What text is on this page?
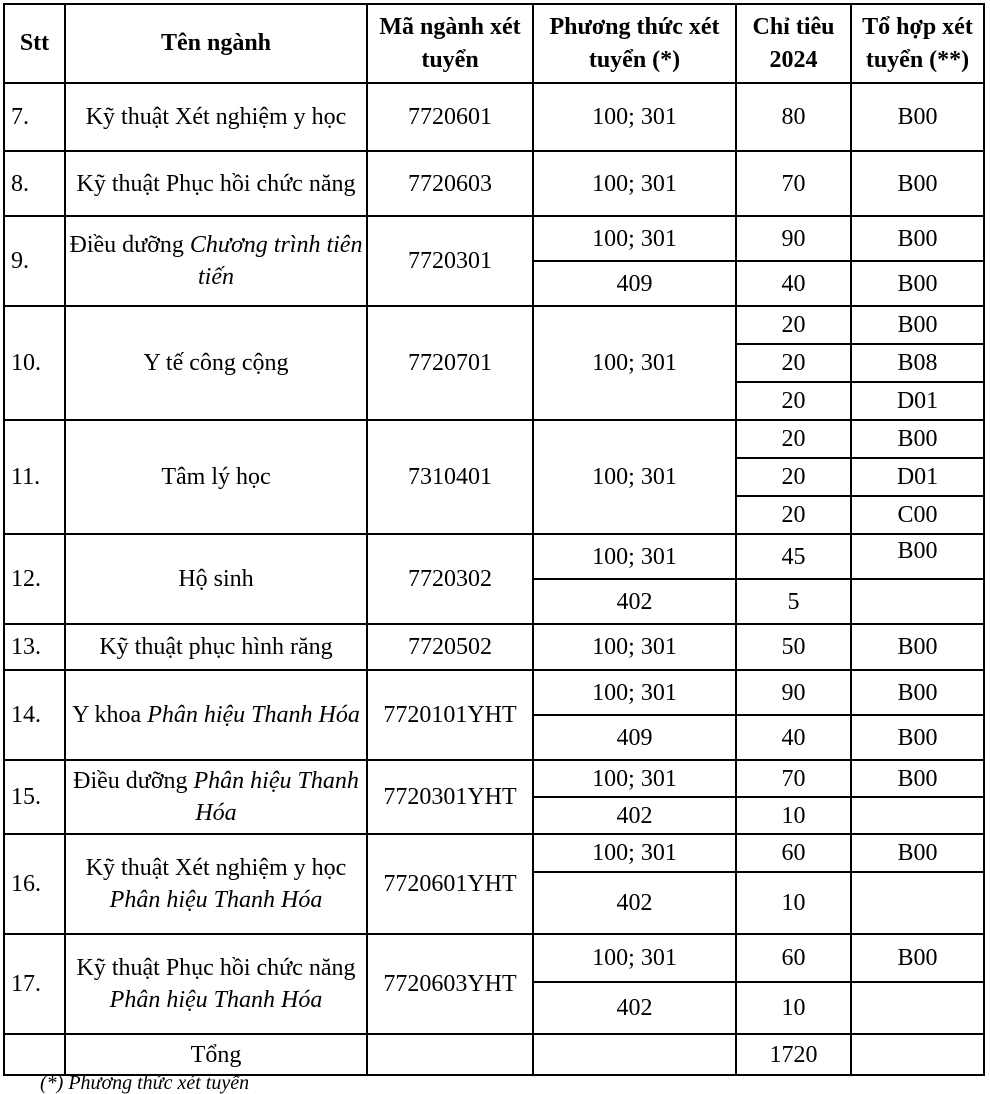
Stt	Tên ngành	Mã ngành xét tuyển	Phương thức xét tuyển (*)	Chỉ tiêu 2024	Tổ hợp xét tuyển (**)
7.	Kỹ thuật Xét nghiệm y học	7720601	100; 301	80	B00
8.	Kỹ thuật Phục hồi chức năng	7720603	100; 301	70	B00
9.	Điều dưỡng Chương trình tiên tiến	7720301	100; 301	90	B00
			409	40	B00
10.	Y tế công cộng	7720701	100; 301	20	B00
				20	B08
				20	D01
11.	Tâm lý học	7310401	100; 301	20	B00
				20	D01
				20	C00
12.	Hộ sinh	7720302	100; 301	45	B00
			402	5	
13.	Kỹ thuật phục hình răng	7720502	100; 301	50	B00
14.	Y khoa Phân hiệu Thanh Hóa	7720101YHT	100; 301	90	B00
			409	40	B00
15.	Điều dưỡng Phân hiệu Thanh Hóa	7720301YHT	100; 301	70	B00
			402	10	
16.	Kỹ thuật Xét nghiệm y học Phân hiệu Thanh Hóa	7720601YHT	100; 301	60	B00
			402	10	
17.	Kỹ thuật Phục hồi chức năng Phân hiệu Thanh Hóa	7720603YHT	100; 301	60	B00
			402	10	
	Tổng			1720	
(*) Phương thức xét tuyển
